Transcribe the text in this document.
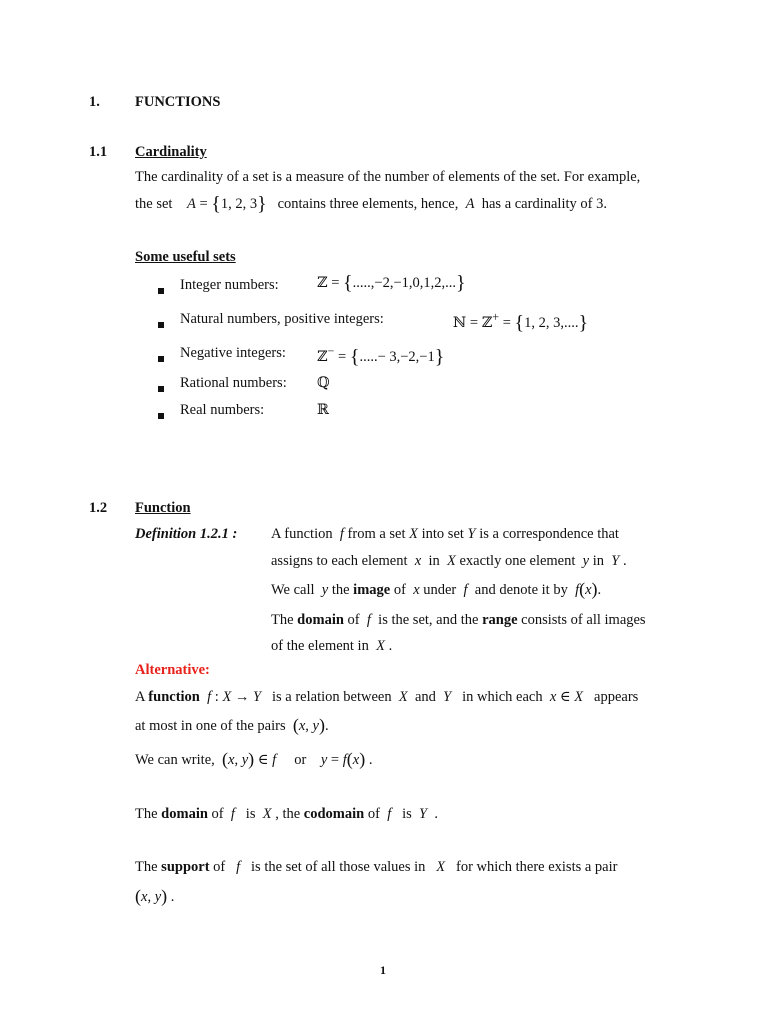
1. FUNCTIONS
1.1 Cardinality
The cardinality of a set is a measure of the number of elements of the set. For example,
the set A = {1, 2, 3} contains three elements, hence, A has a cardinality of 3.
Some useful sets
Integer numbers:	ℤ = {.....,−2,−1,0,1,2,...}
Natural numbers, positive integers:	ℕ = ℤ+ = {1, 2, 3,....}
Negative integers: ℤ− = {.....− 3,−2,−1}
Rational numbers: ℚ
Real numbers:	ℝ
1.2 Function
Definition 1.2.1 : A function f from a set X into set Y is a correspondence that
assigns to each element x in X exactly one element y in Y .
We call y the image of x under f and denote it by f(x).
The domain of f is the set, and the range consists of all images
of the element in X .
Alternative:
A function f : X → Y is a relation between X and Y in which each x ∈ X appears
at most in one of the pairs (x, y).
We can write, (x, y) ∈ f or y = f(x) .
The domain of f is X , the codomain of f is Y .
The support of f is the set of all those values in X for which there exists a pair
(x, y) .
1
